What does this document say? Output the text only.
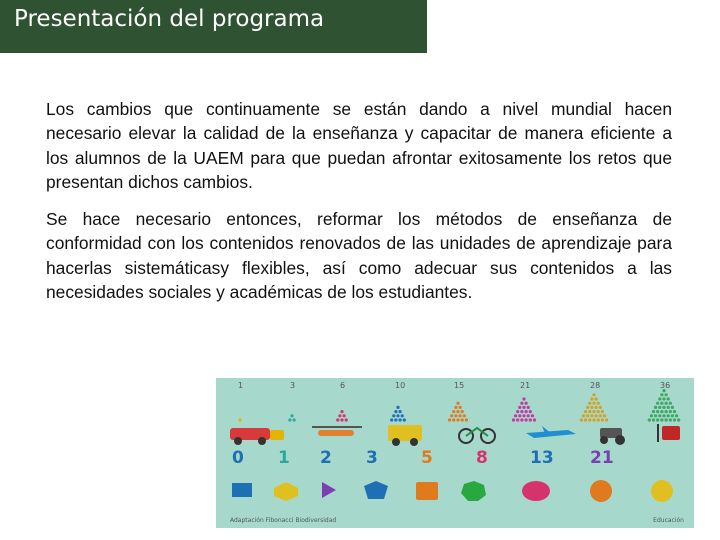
Presentación del programa

Los cambios que continuamente se están dando a nivel mundial hacen necesario elevar la calidad de la enseñanza y capacitar de manera eficiente a los alumnos de la UAEM para que puedan afrontar exitosamente los retos que presentan dichos cambios.

Se hace necesario entonces, reformar los métodos de enseñanza de conformidad con los contenidos renovados de las unidades de aprendizaje para hacerlas sistemáticasy flexibles, así como adecuar sus contenidos a las necesidades sociales y académicas de los estudiantes.

1	3	6	10	15	21	28	36
0 1 2 3	5	8 13 21
Adaptación Fibonacci Biodiversidad	Educación
